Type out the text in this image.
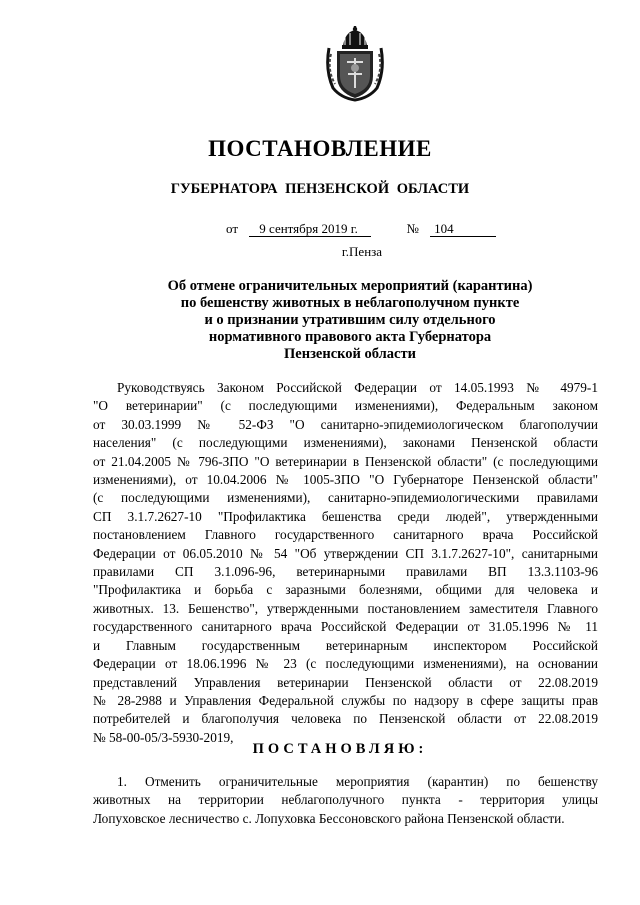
ПОСТАНОВЛЕНИЕ
ГУБЕРНАТОРА ПЕНЗЕНСКОЙ ОБЛАСТИ
от 9 сентября 2019 г.	№ 104
г.Пенза
Об отмене ограничительных мероприятий (карантина)
по бешенству животных в неблагополучном пункте
и о признании утратившим силу отдельного
нормативного правового акта Губернатора
Пензенской области
Руководствуясь Законом Российской Федерации от 14.05.1993 № 4979-1
"О ветеринарии" (с последующими изменениями), Федеральным законом
от 30.03.1999 № 52-ФЗ "О санитарно-эпидемиологическом благополучии
населения" (с последующими изменениями), законами Пензенской области
от 21.04.2005 № 796-ЗПО "О ветеринарии в Пензенской области" (с последующими
изменениями), от 10.04.2006 № 1005-ЗПО "О Губернаторе Пензенской области"
(с последующими изменениями), санитарно-эпидемиологическими правилами
СП 3.1.7.2627-10 "Профилактика бешенства среди людей", утвержденными
постановлением Главного государственного санитарного врача Российской
Федерации от 06.05.2010 № 54 "Об утверждении СП 3.1.7.2627-10", санитарными
правилами СП 3.1.096-96, ветеринарными правилами ВП 13.3.1103-96
"Профилактика и борьба с заразными болезнями, общими для человека и
животных. 13. Бешенство", утвержденными постановлением заместителя Главного
государственного санитарного врача Российской Федерации от 31.05.1996 № 11
и Главным государственным ветеринарным инспектором Российской
Федерации от 18.06.1996 № 23 (с последующими изменениями), на основании
представлений Управления ветеринарии Пензенской области от 22.08.2019
№ 28-2988 и Управления Федеральной службы по надзору в сфере защиты прав
потребителей и благополучия человека по Пензенской области от 22.08.2019
№ 58-00-05/3-5930-2019,
ПОСТАНОВЛЯЮ:
1. Отменить ограничительные мероприятия (карантин) по бешенству
животных на территории неблагополучного пункта - территория улицы
Лопуховское лесничество с. Лопуховка Бессоновского района Пензенской области.
